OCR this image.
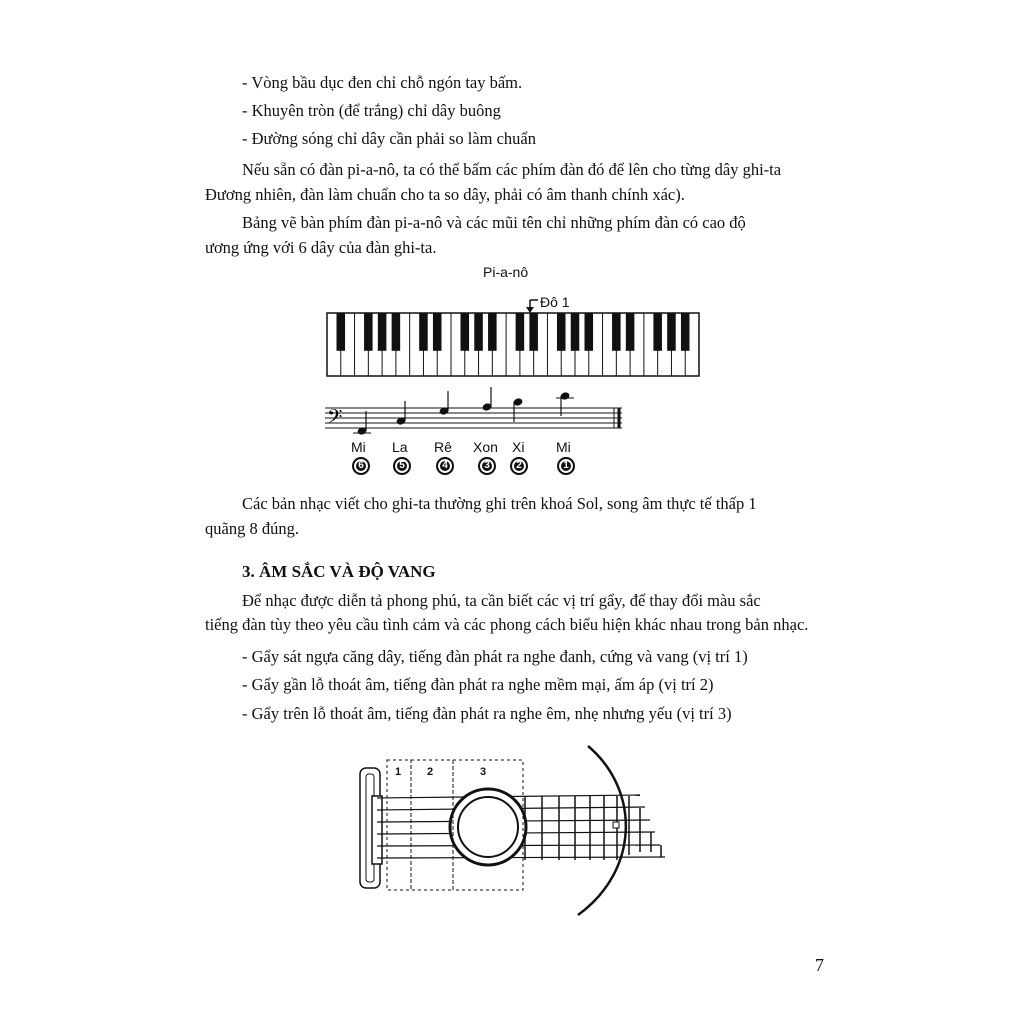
- Vòng bầu dục đen chỉ chỗ ngón tay bấm.
- Khuyên tròn (để trắng) chỉ dây buông
- Đường sóng chỉ dây cần phải so làm chuẩn
Nếu sẵn có đàn pi-a-nô, ta có thể bấm các phím đàn đó để lên cho từng dây ghi-ta
Đương nhiên, đàn làm chuẩn cho ta so dây, phải có âm thanh chính xác).
Bảng vẽ bàn phím đàn pi-a-nô và các mũi tên chỉ những phím đàn có cao độ
ương ứng với 6 dây của đàn ghi-ta.
Pi-a-nô
𝄢
Đô 1
Mi La Rê Xon Xi Mi
6	5	4	3	2	1
Các bản nhạc viết cho ghi-ta thường ghi trên khoá Sol, song âm thực tế thấp 1
quãng 8 đúng.
3. ÂM SẮC VÀ ĐỘ VANG
Để nhạc được diễn tả phong phú, ta cần biết các vị trí gẩy, để thay đổi màu sắc
tiếng đàn tùy theo yêu cầu tình cảm và các phong cách biểu hiện khác nhau trong bản nhạc.
- Gẩy sát ngựa căng dây, tiếng đàn phát ra nghe đanh, cứng và vang (vị trí 1)
- Gẩy gần lỗ thoát âm, tiếng đàn phát ra nghe mềm mại, ấm áp (vị trí 2)
- Gẩy trên lỗ thoát âm, tiếng đàn phát ra nghe êm, nhẹ nhưng yếu (vị trí 3)
1 2	3
7
